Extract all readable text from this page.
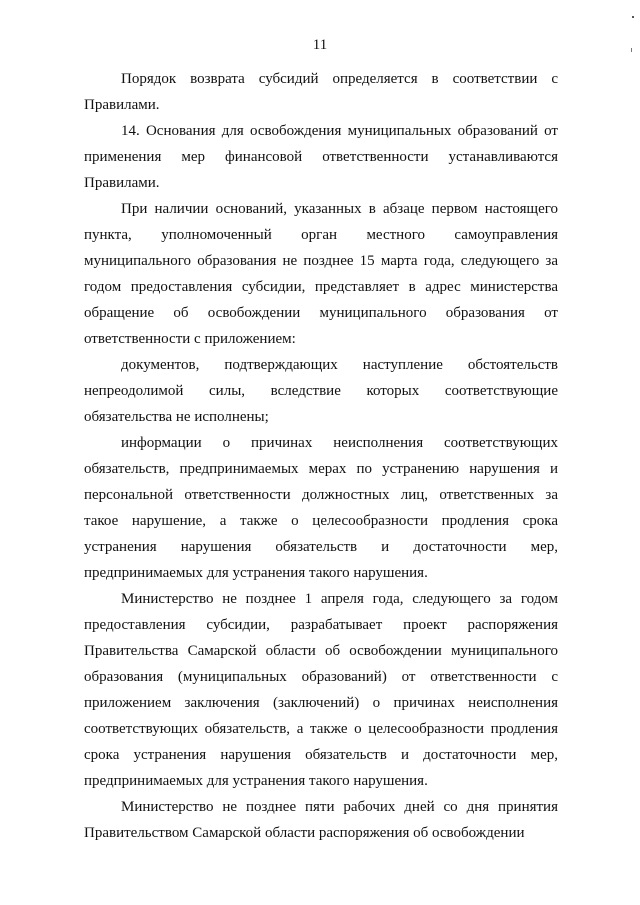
11

Порядок возврата субсидий определяется в соответствии с Правилами.

14. Основания для освобождения муниципальных образований от применения мер финансовой ответственности устанавливаются Правилами.

При наличии оснований, указанных в абзаце первом настоящего пункта, уполномоченный орган местного самоуправления муниципального образования не позднее 15 марта года, следующего за годом предоставления субсидии, представляет в адрес министерства обращение об освобождении муниципального образования от ответственности с приложением:

документов, подтверждающих наступление обстоятельств непреодолимой силы, вследствие которых соответствующие обязательства не исполнены;

информации о причинах неисполнения соответствующих обязательств, предпринимаемых мерах по устранению нарушения и персональной ответственности должностных лиц, ответственных за такое нарушение, а также о целесообразности продления срока устранения нарушения обязательств и достаточности мер, предпринимаемых для устранения такого нарушения.

Министерство не позднее 1 апреля года, следующего за годом предоставления субсидии, разрабатывает проект распоряжения Правительства Самарской области об освобождении муниципального образования (муниципальных образований) от ответственности с приложением заключения (заключений) о причинах неисполнения соответствующих обязательств, а также о целесообразности продления срока устранения нарушения обязательств и достаточности мер, предпринимаемых для устранения такого нарушения.

Министерство не позднее пяти рабочих дней со дня принятия Правительством Самарской области распоряжения об освобождении
